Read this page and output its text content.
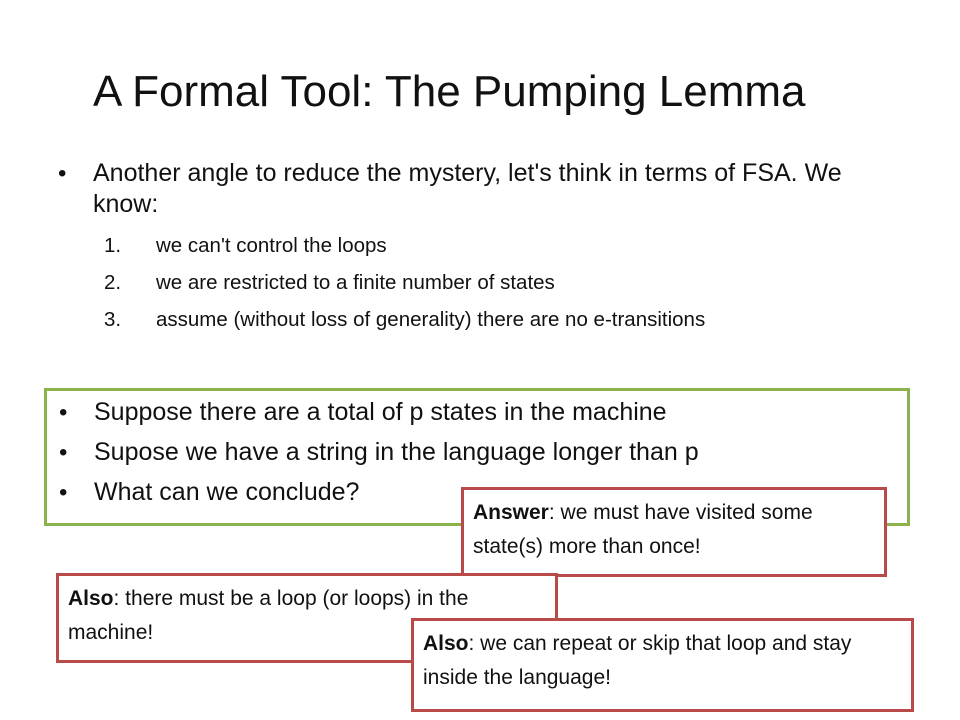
A Formal Tool: The Pumping Lemma
• Another angle to reduce the mystery, let's think in terms of FSA. We know:
1. we can't control the loops
2. we are restricted to a finite number of states
3. assume (without loss of generality) there are no e-transitions
• Suppose there are a total of p states in the machine
• Supose we have a string in the language longer than p
• What can we conclude?
Answer: we must have visited some state(s) more than once!
Also: there must be a loop (or loops) in the machine!	Also: we can repeat or skip that loop and stay inside the language!
